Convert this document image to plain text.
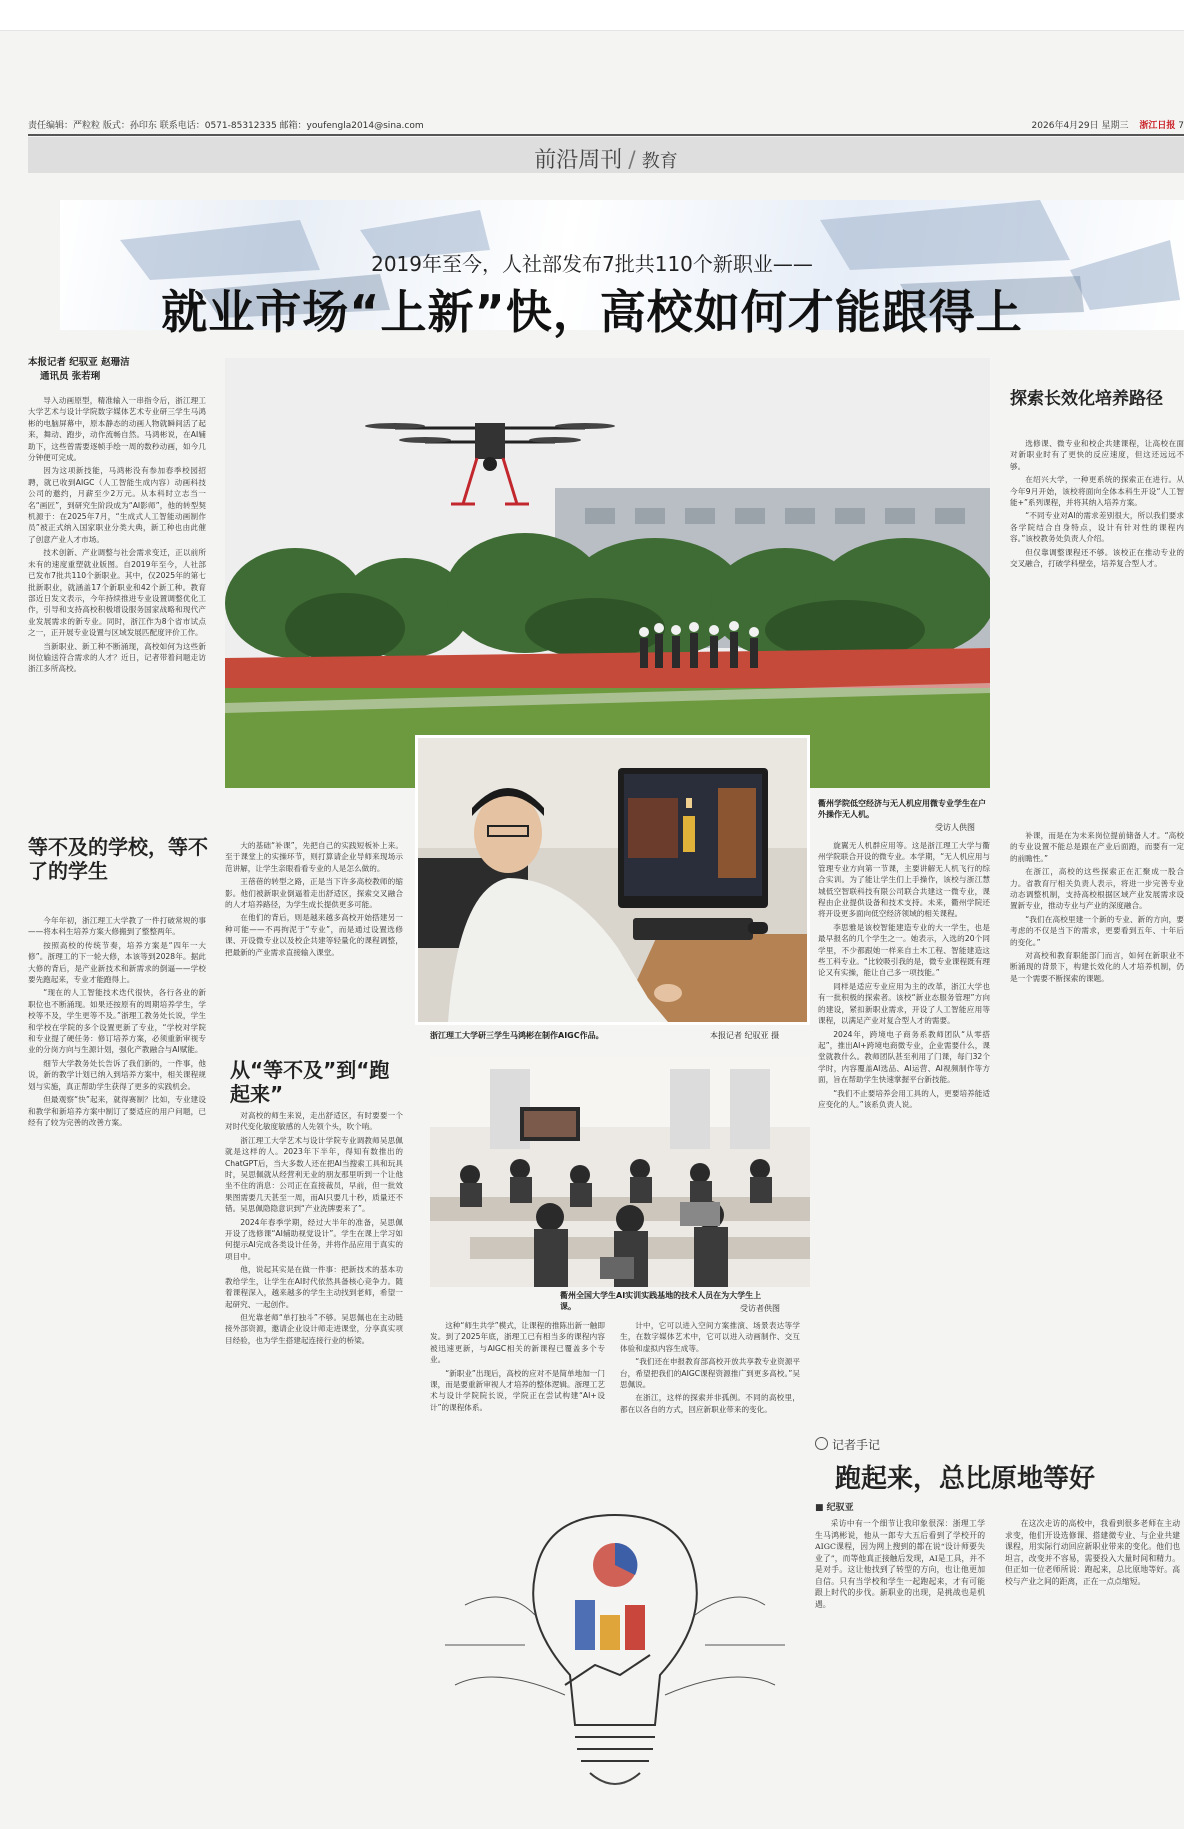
责任编辑：严粒粒 版式：孙印东 联系电话：0571-85312335 邮箱：youfengla2014@sina.com	2026年4月29日 星期三 浙江日报 7
前沿周刊 / 教育
2019年至今，人社部发布7批共110个新职业——
就业市场“上新”快，高校如何才能跟得上
本报记者 纪驭亚 赵珊洁
通讯员 张若琍

导入动画原型，精准输入一串指令后，浙江理工大学艺术与设计学院数字媒体艺术专业研三学生马鸿彬的电脑屏幕中，原本静态的动画人物就瞬间活了起来，舞动、跑步，动作流畅自然。马鸿彬说，在AI辅助下，这些曾需要逐帧手绘一周的数秒动画，如今几分钟便可完成。

因为这项新技能，马鸿彬没有参加春季校园招聘，就已收到AIGC（人工智能生成内容）动画科技公司的邀约，月薪至少2万元。从本科时立志当一名“画匠”，到研究生阶段成为“AI影师”，他的转型契机源于：在2025年7月，“生成式人工智能动画制作员”被正式纳入国家职业分类大典，新工种也由此催了创意产业人才市场。

技术创新、产业调整与社会需求变迁，正以前所未有的速度重塑就业版图。自2019年至今，人社部已发布7批共110个新职业。其中，仅2025年的第七批新职业，就涵盖17个新职业和42个新工种。教育部近日发文表示，今年持续推进专业设置调整优化工作，引导和支持高校积极增设服务国家战略和现代产业发展需求的新专业。同时，浙江作为8个省市试点之一，正开展专业设置与区域发展匹配度评价工作。

当新职业、新工种不断涌现，高校如何为这些新岗位输送符合需求的人才？近日，记者带着问题走访浙江多所高校。

等不及的学校，等不了的学生

今年年初，浙江理工大学教了一件打破常规的事——将本科生培养方案大修搬到了整整两年。

按照高校的传统节奏，培养方案是“四年一大修”。浙理工的下一轮大修，本该等到2028年。据此大修的背后，是产业新技术和新需求的倒逼——学校要先跑起来，专业才能跑得上。

“现在的人工智能技术迭代很快，各行各业的新职位也不断涌现。如果还按原有的周期培养学生，学校等不及，学生更等不及。”浙理工教务处长说，学生和学校在学院的多个设置更新了专业，“学校对学院和专业提了硬任务：修订培养方案，必须重新审视专业的分岗方向与生源计划，强化产教融合与AI赋能。

细节大学教务处长告诉了我们新的，一件事，他说，新的教学计划已纳入到培养方案中，相关课程规划与实施，真正帮助学生获得了更多的实践机会。

但最观察“快”起来，就得赛制？比如，专业建设和教学和新培养方案中制订了要适应的用户问题，已经有了较为完善的改善方案。

衢州学院低空经济与无人机应用微专业学生在户外操作无人机。
受访人供图
浙江理工大学研三学生马鸿彬在制作AIGC作品。	本报记者 纪驭亚 摄

大的基础“补课”，先把自己的实践短板补上来。至于课堂上的实操环节，则打算请企业导师来现场示范讲解，让学生亲眼看看专业的人是怎么做的。

王蓓蓓的转型之路，正是当下许多高校教师的缩影。他们被新职业倒逼着走出舒适区，探索交叉融合的人才培养路径，为学生成长提供更多可能。

在他们的背后，则是越来越多高校开始搭建另一种可能——不再拘泥于“专业”，而是通过设置选修课、开设微专业以及校企共建等轻量化的课程调整，把最新的产业需求直接输入课堂。

从“等不及”到“跑起来”

对高校的师生来说，走出舒适区，有时要要一个对时代变化敏度敏感的人先领个头，吹个哨。

浙江理工大学艺术与设计学院专业调教师吴思佩就是这样的人。2023年下半年，得知有数推出的ChatGPT后，当大多数人还在把AI当搜索工具和玩具时，吴思佩就从经营利无业的朋友那里听到一个让他坐不住的消息：公司正在直接裁员，早前，但一批效果图需要几天甚至一周，而AI只要几十秒，质量还不错。吴思佩隐隐意识到“产业洗牌要来了”。

2024年春季学期，经过大半年的准备，吴思佩开设了选修课“AI辅助视觉设计”。学生在课上学习如何提示AI完成各类设计任务，并将作品应用于真实的项目中。

他，说起其实是在做一件事：把新技术的基本功教给学生，让学生在AI时代依然具备核心竞争力。随着课程深入，越来越多的学生主动找到老师，希望一起研究、一起创作。

但光靠老师“单打独斗”不够。吴思佩也在主动链接外部资源，邀请企业设计师走进课堂，分享真实项目经验，也为学生搭建起连接行业的桥梁。

衢州全国大学生AI实训实践基地的技术人员在为大学生上课。	受访者供图

旋翼无人机群应用等。这是浙江理工大学与衢州学院联合开设的微专业。本学期，“无人机应用与管理专业方向第一节课，主要讲解无人机飞行的综合实训。为了能让学生们上手操作，该校与浙江慧城低空智联科技有限公司联合共建这一微专业，课程由企业提供设备和技术支持。未来，衢州学院还将开设更多面向低空经济领域的相关课程。

李思雅是该校智能建造专业的大一学生，也是最早报名的几个学生之一。她表示，入选的20个同学里，不少都跟她一样来自土木工程、智能建造这些工科专业。“比较吸引我的是，微专业课程既有理论又有实操，能让自己多一项技能。”

同样是适应专业应用为主的改革，浙江大学也有一批积极的探索者。该校“新业态服务管理”方向的建设，紧扣新职业需求，开设了人工智能应用等课程，以满足产业对复合型人才的需要。

2024年，跨境电子商务系教师团队“从零搭起”，推出AI+跨境电商微专业，企业需要什么，课堂就教什么。教师团队甚至利用了门课，每门32个学时，内容覆盖AI选品、AI运营、AI视频制作等方面，旨在帮助学生快速掌握平台新技能。

“我们不止要培养会用工具的人，更要培养能适应变化的人。”该系负责人说。

这种“师生共学”模式，让课程的推陈出新一触即发。到了2025年底，浙理工已有相当多的课程内容被迅速更新，与AIGC相关的新课程已覆盖多个专业。

“新职业”出现后，高校的应对不是简单地加一门课，而是要重新审视人才培养的整体逻辑。浙理工艺术与设计学院院长说，学院正在尝试构建“AI+设计”的课程体系。

计中，它可以进入空间方案推演、场景表达等学生，在数字媒体艺术中，它可以进入动画制作、交互体验和虚拟内容生成等。

“我们还在申报教育部高校开放共享教专业资源平台，希望把我们的AIGC课程资源推广到更多高校。”吴思佩说。

在浙江，这样的探索并非孤例。不同的高校里，都在以各自的方式，回应新职业带来的变化。

探索长效化培养路径

选修课、微专业和校企共建课程，让高校在面对新职业时有了更快的反应速度，但这还远远不够。

在绍兴大学，一种更系统的探索正在进行。从今年9月开始，该校将面向全体本科生开设“人工智能+”系列课程，并将其纳入培养方案。

“不同专业对AI的需求差别很大，所以我们要求各学院结合自身特点，设计有针对性的课程内容。”该校教务处负责人介绍。

但仅靠调整课程还不够。该校正在推动专业的交叉融合，打破学科壁垒，培养复合型人才。

补课，而是在为未来岗位提前储备人才。“高校的专业设置不能总是跟在产业后面跑，而要有一定的前瞻性。”

在浙江，高校的这些探索正在汇聚成一股合力。省教育厅相关负责人表示，将进一步完善专业动态调整机制，支持高校根据区域产业发展需求设置新专业，推动专业与产业的深度融合。

“我们在高校里建一个新的专业、新的方向，要考虑的不仅是当下的需求，更要看到五年、十年后的变化。”

对高校和教育职能部门而言，如何在新职业不断涌现的背景下，构建长效化的人才培养机制，仍是一个需要不断探索的课题。

记者手记
跑起来，总比原地等好
■ 纪驭亚

采访中有一个细节让我印象很深：浙理工学生马鸿彬说，他从一郎专大五后看到了学校开的AIGC课程，因为网上搜到的都在说“设计师要失业了”，而等他真正接触后发现，AI是工具，并不是对手。这让他找到了转型的方向，也让他更加自信。只有当学校和学生一起跑起来，才有可能跟上时代的步伐。新职业的出现，是挑战也是机遇。

在这次走访的高校中，我看到很多老师在主动求变，他们开设选修课、搭建微专业、与企业共建课程，用实际行动回应新职业带来的变化。他们也坦言，改变并不容易，需要投入大量时间和精力。但正如一位老师所说：跑起来，总比原地等好。高校与产业之间的距离，正在一点点缩短。
